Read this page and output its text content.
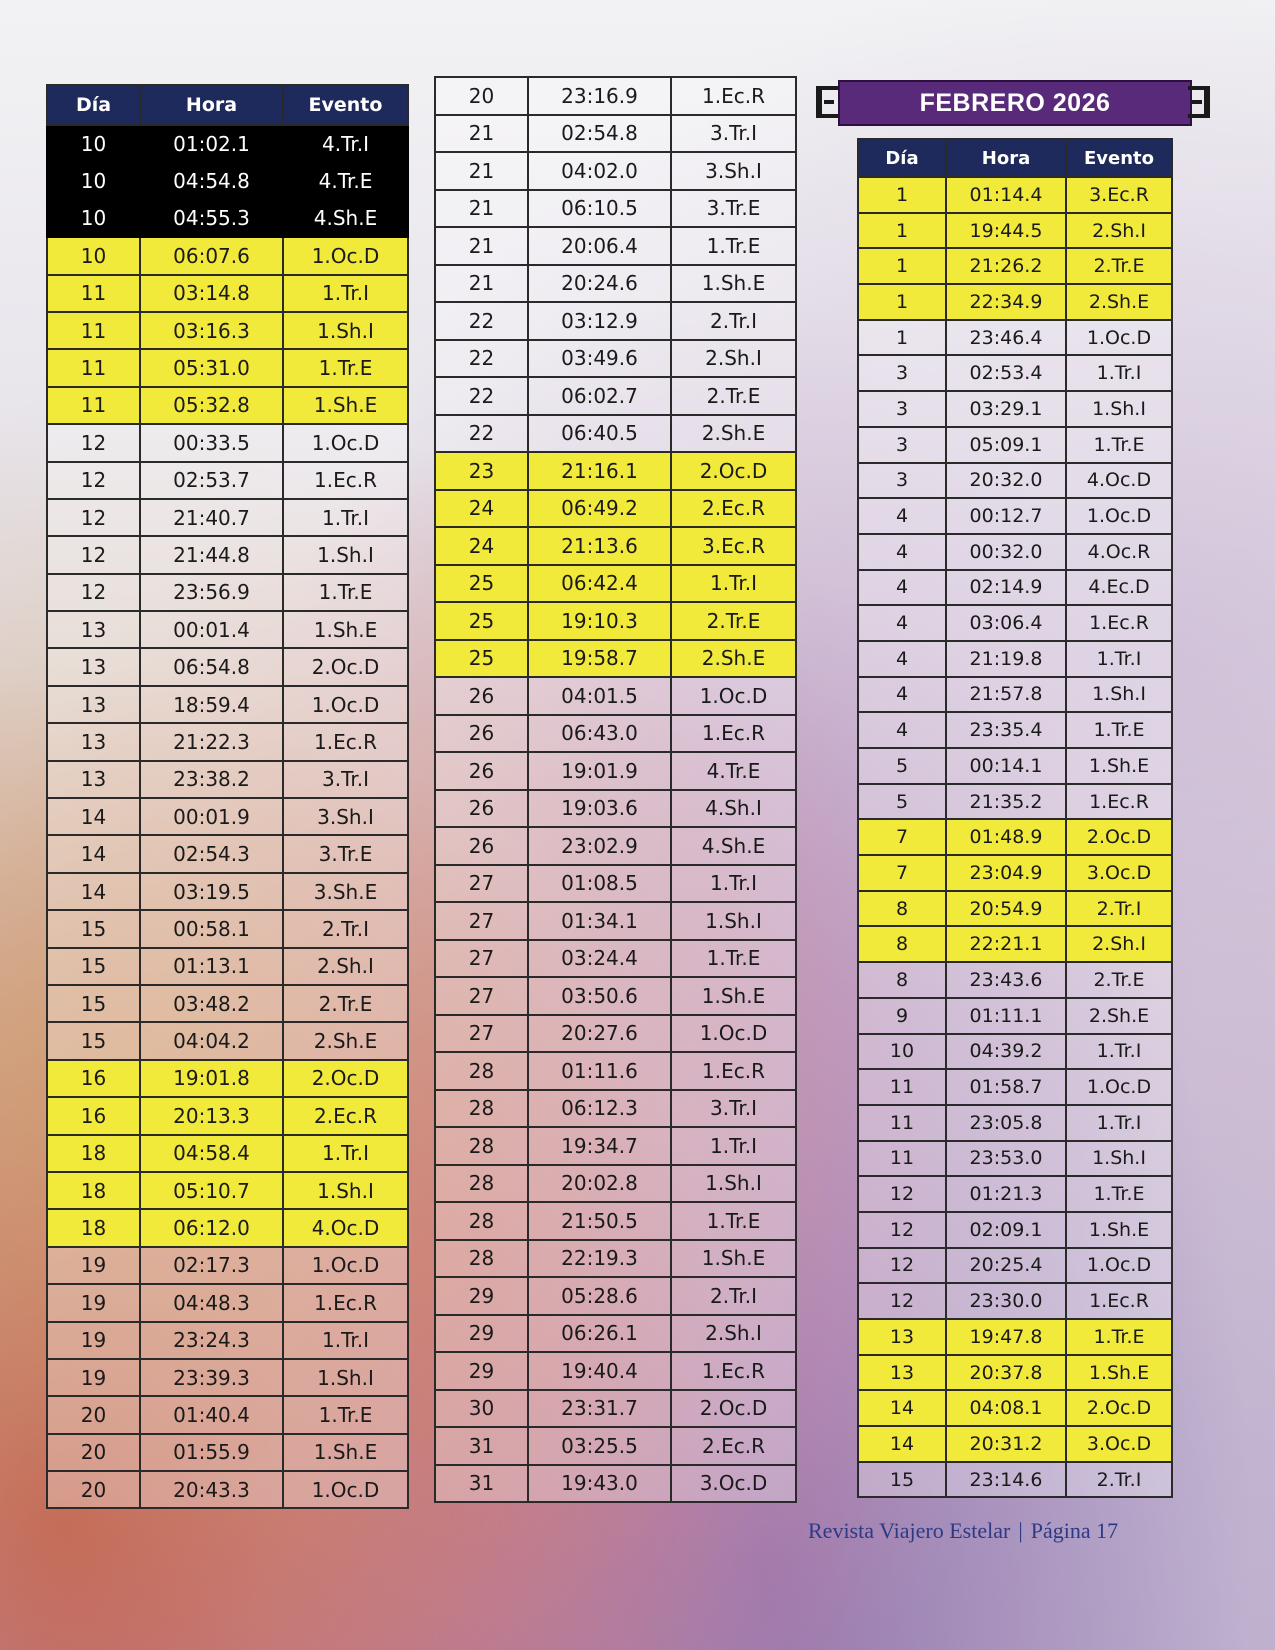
Día	Hora	Evento
10	01:02.1	4.Tr.I
10	04:54.8	4.Tr.E
10	04:55.3	4.Sh.E
10	06:07.6	1.Oc.D
11	03:14.8	1.Tr.I
11	03:16.3	1.Sh.I
11	05:31.0	1.Tr.E
11	05:32.8	1.Sh.E
12	00:33.5	1.Oc.D
12	02:53.7	1.Ec.R
12	21:40.7	1.Tr.I
12	21:44.8	1.Sh.I
12	23:56.9	1.Tr.E
13	00:01.4	1.Sh.E
13	06:54.8	2.Oc.D
13	18:59.4	1.Oc.D
13	21:22.3	1.Ec.R
13	23:38.2	3.Tr.I
14	00:01.9	3.Sh.I
14	02:54.3	3.Tr.E
14	03:19.5	3.Sh.E
15	00:58.1	2.Tr.I
15	01:13.1	2.Sh.I
15	03:48.2	2.Tr.E
15	04:04.2	2.Sh.E
16	19:01.8	2.Oc.D
16	20:13.3	2.Ec.R
18	04:58.4	1.Tr.I
18	05:10.7	1.Sh.I
18	06:12.0	4.Oc.D
19	02:17.3	1.Oc.D
19	04:48.3	1.Ec.R
19	23:24.3	1.Tr.I
19	23:39.3	1.Sh.I
20	01:40.4	1.Tr.E
20	01:55.9	1.Sh.E
20	20:43.3	1.Oc.D
20	23:16.9	1.Ec.R
21	02:54.8	3.Tr.I
21	04:02.0	3.Sh.I
21	06:10.5	3.Tr.E
21	20:06.4	1.Tr.E
21	20:24.6	1.Sh.E
22	03:12.9	2.Tr.I
22	03:49.6	2.Sh.I
22	06:02.7	2.Tr.E
22	06:40.5	2.Sh.E
23	21:16.1	2.Oc.D
24	06:49.2	2.Ec.R
24	21:13.6	3.Ec.R
25	06:42.4	1.Tr.I
25	19:10.3	2.Tr.E
25	19:58.7	2.Sh.E
26	04:01.5	1.Oc.D
26	06:43.0	1.Ec.R
26	19:01.9	4.Tr.E
26	19:03.6	4.Sh.I
26	23:02.9	4.Sh.E
27	01:08.5	1.Tr.I
27	01:34.1	1.Sh.I
27	03:24.4	1.Tr.E
27	03:50.6	1.Sh.E
27	20:27.6	1.Oc.D
28	01:11.6	1.Ec.R
28	06:12.3	3.Tr.I
28	19:34.7	1.Tr.I
28	20:02.8	1.Sh.I
28	21:50.5	1.Tr.E
28	22:19.3	1.Sh.E
29	05:28.6	2.Tr.I
29	06:26.1	2.Sh.I
29	19:40.4	1.Ec.R
30	23:31.7	2.Oc.D
31	03:25.5	2.Ec.R
31	19:43.0	3.Oc.D
FEBRERO 2026
Día	Hora	Evento
1	01:14.4	3.Ec.R
1	19:44.5	2.Sh.I
1	21:26.2	2.Tr.E
1	22:34.9	2.Sh.E
1	23:46.4	1.Oc.D
3	02:53.4	1.Tr.I
3	03:29.1	1.Sh.I
3	05:09.1	1.Tr.E
3	20:32.0	4.Oc.D
4	00:12.7	1.Oc.D
4	00:32.0	4.Oc.R
4	02:14.9	4.Ec.D
4	03:06.4	1.Ec.R
4	21:19.8	1.Tr.I
4	21:57.8	1.Sh.I
4	23:35.4	1.Tr.E
5	00:14.1	1.Sh.E
5	21:35.2	1.Ec.R
7	01:48.9	2.Oc.D
7	23:04.9	3.Oc.D
8	20:54.9	2.Tr.I
8	22:21.1	2.Sh.I
8	23:43.6	2.Tr.E
9	01:11.1	2.Sh.E
10	04:39.2	1.Tr.I
11	01:58.7	1.Oc.D
11	23:05.8	1.Tr.I
11	23:53.0	1.Sh.I
12	01:21.3	1.Tr.E
12	02:09.1	1.Sh.E
12	20:25.4	1.Oc.D
12	23:30.0	1.Ec.R
13	19:47.8	1.Tr.E
13	20:37.8	1.Sh.E
14	04:08.1	2.Oc.D
14	20:31.2	3.Oc.D
15	23:14.6	2.Tr.I
Revista Viajero Estelar | Página 17
